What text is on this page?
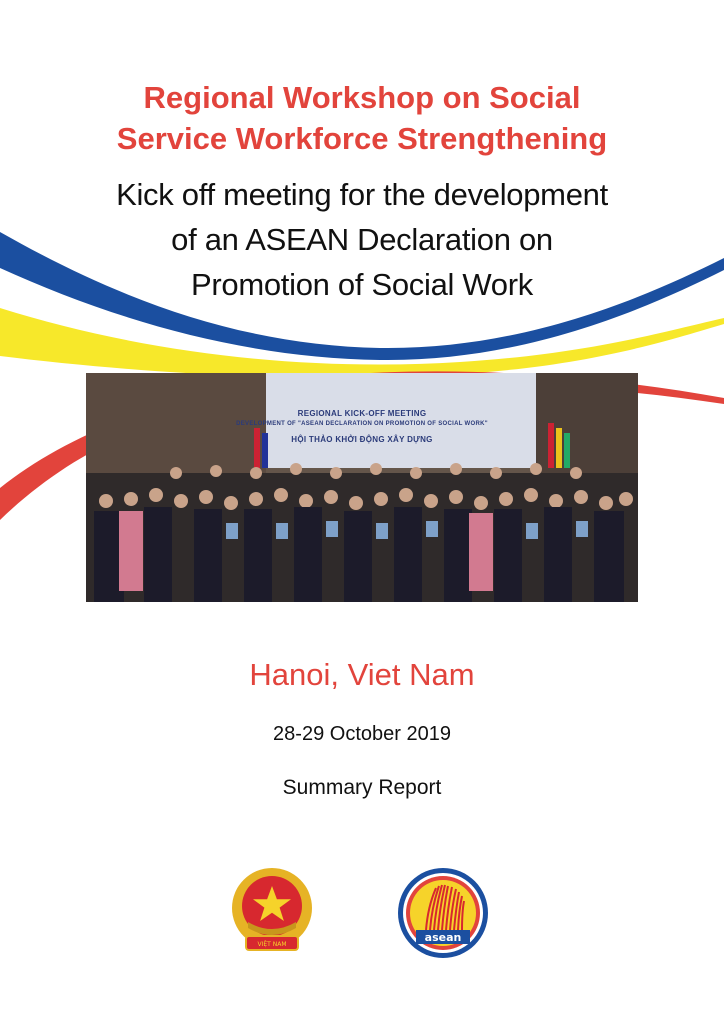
Regional Workshop on Social
Service Workforce Strengthening

Kick off meeting for the development

of an ASEAN Declaration on

Promotion of Social Work

REGIONAL KICK-OFF MEETING
DEVELOPMENT OF "ASEAN DECLARATION ON PROMOTION OF SOCIAL WORK"
HỘI THẢO KHỞI ĐỘNG XÂY DỰNG

Hanoi, Viet Nam

28-29 October 2019

Summary Report

VIỆT NAM
asean
